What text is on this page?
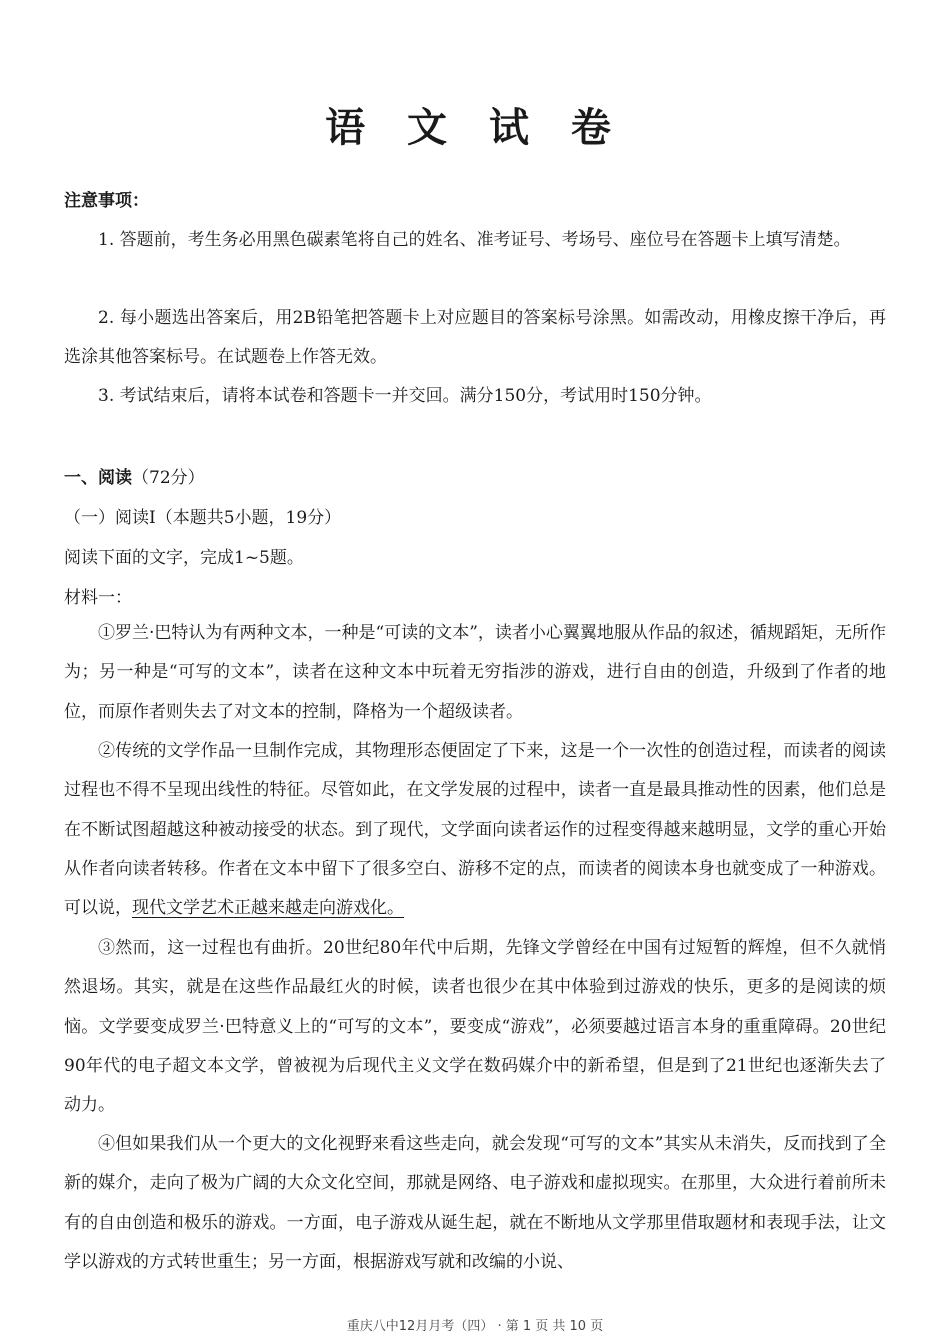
语 文 试 卷
注意事项：

1. 答题前，考生务必用黑色碳素笔将自己的姓名、准考证号、考场号、座位号在答题卡上填写清楚。

2. 每小题选出答案后，用2B铅笔把答题卡上对应题目的答案标号涂黑。如需改动，用橡皮擦干净后，再选涂其他答案标号。在试题卷上作答无效。

3. 考试结束后，请将本试卷和答题卡一并交回。满分150分，考试用时150分钟。

一、阅读（72分）
（一）阅读Ⅰ（本题共5小题，19分）
阅读下面的文字，完成1~5题。
材料一：

①罗兰·巴特认为有两种文本，一种是“可读的文本”，读者小心翼翼地服从作品的叙述，循规蹈矩，无所作为；另一种是“可写的文本”，读者在这种文本中玩着无穷指涉的游戏，进行自由的创造，升级到了作者的地位，而原作者则失去了对文本的控制，降格为一个超级读者。

②传统的文学作品一旦制作完成，其物理形态便固定了下来，这是一个一次性的创造过程，而读者的阅读过程也不得不呈现出线性的特征。尽管如此，在文学发展的过程中，读者一直是最具推动性的因素，他们总是在不断试图超越这种被动接受的状态。到了现代，文学面向读者运作的过程变得越来越明显，文学的重心开始从作者向读者转移。作者在文本中留下了很多空白、游移不定的点，而读者的阅读本身也就变成了一种游戏。可以说，现代文学艺术正越来越走向游戏化。

③然而，这一过程也有曲折。20世纪80年代中后期，先锋文学曾经在中国有过短暂的辉煌，但不久就悄然退场。其实，就是在这些作品最红火的时候，读者也很少在其中体验到过游戏的快乐，更多的是阅读的烦恼。文学要变成罗兰·巴特意义上的“可写的文本”，要变成“游戏”，必须要越过语言本身的重重障碍。20世纪90年代的电子超文本文学，曾被视为后现代主义文学在数码媒介中的新希望，但是到了21世纪也逐渐失去了动力。

④但如果我们从一个更大的文化视野来看这些走向，就会发现“可写的文本”其实从未消失，反而找到了全新的媒介，走向了极为广阔的大众文化空间，那就是网络、电子游戏和虚拟现实。在那里，大众进行着前所未有的自由创造和极乐的游戏。一方面，电子游戏从诞生起，就在不断地从文学那里借取题材和表现手法，让文学以游戏的方式转世重生；另一方面，根据游戏写就和改编的小说、

重庆八中12月月考（四） · 第 1 页 共 10 页
